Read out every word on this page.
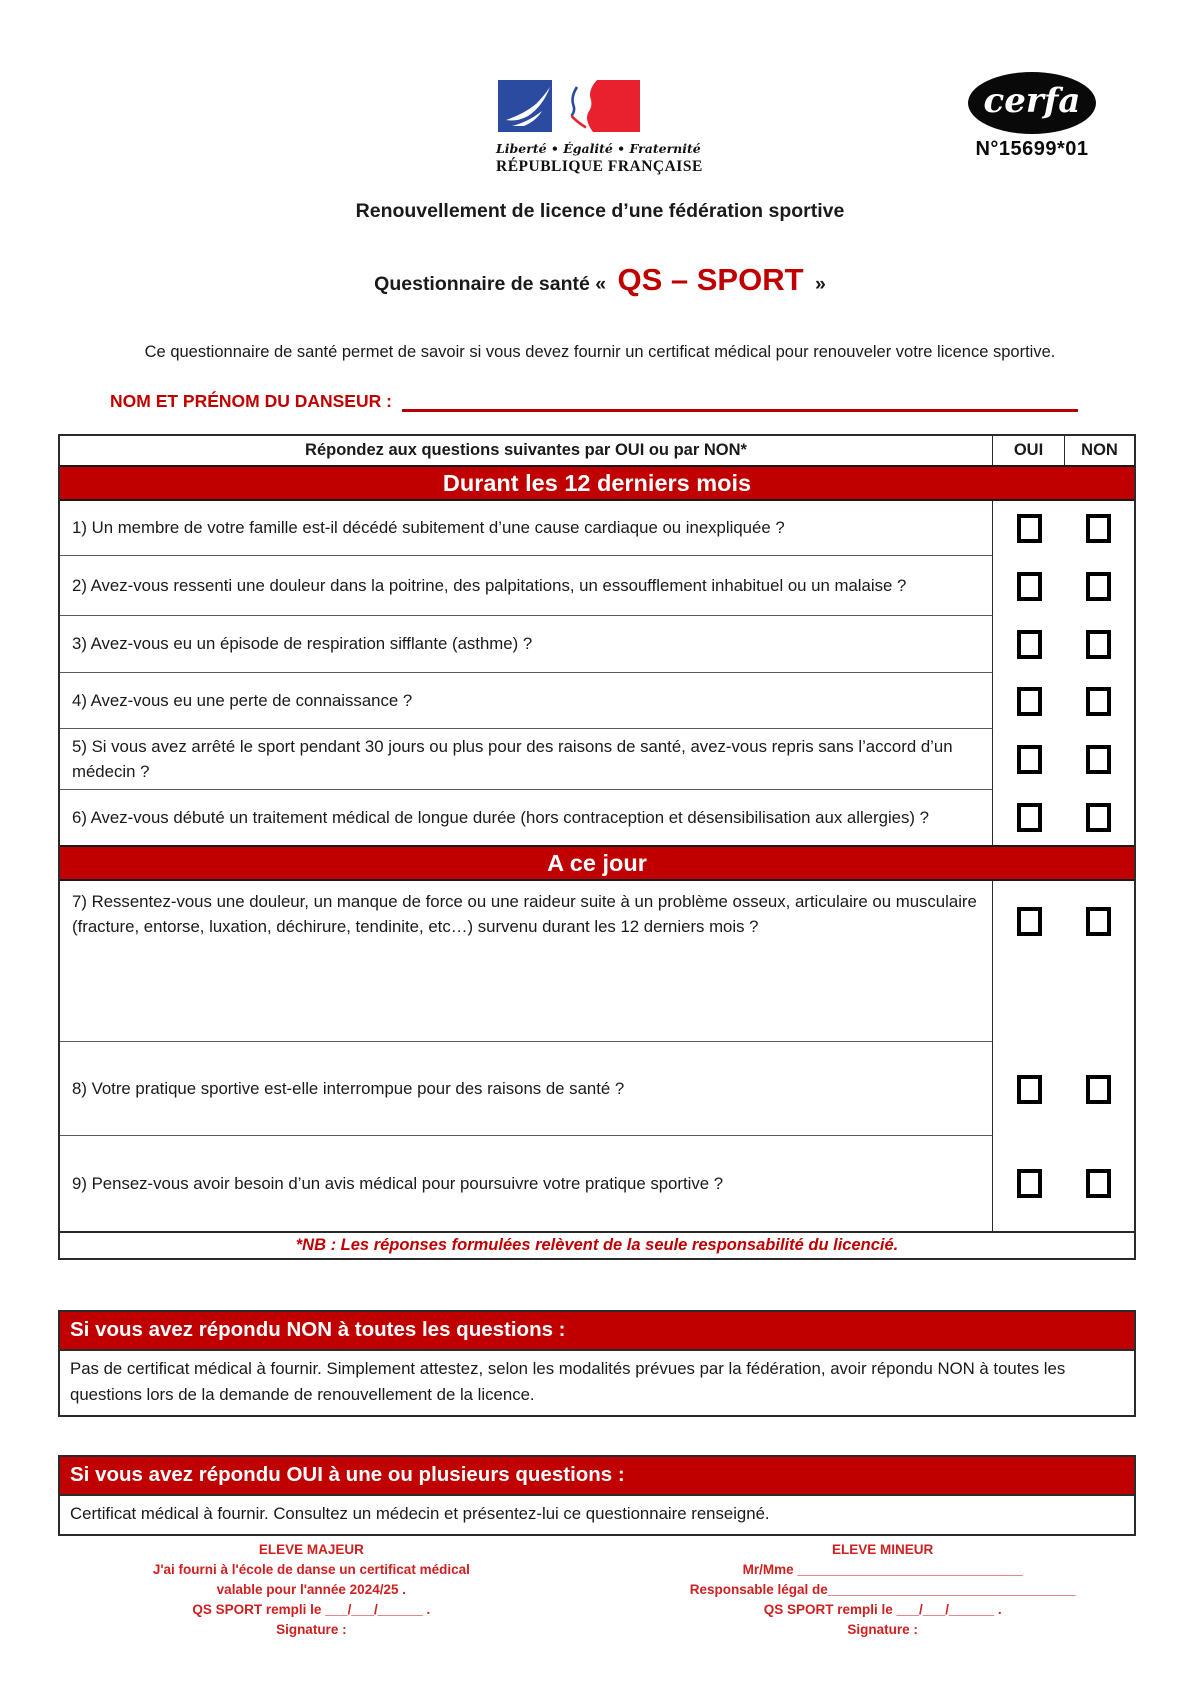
Liberté • Égalité • Fraternité
RÉPUBLIQUE FRANÇAISE
cerfa
N°15699*01
Renouvellement de licence d’une fédération sportive
Questionnaire de santé « QS – SPORT »
Ce questionnaire de santé permet de savoir si vous devez fournir un certificat médical pour renouveler votre licence sportive.
NOM ET PRÉNOM DU DANSEUR :
Répondez aux questions suivantes par OUI ou par NON*	OUI	NON
Durant les 12 derniers mois
1) Un membre de votre famille est-il décédé subitement d’une cause cardiaque ou inexpliquée ?
2) Avez-vous ressenti une douleur dans la poitrine, des palpitations, un essoufflement inhabituel ou un malaise ?
3) Avez-vous eu un épisode de respiration sifflante (asthme) ?
4) Avez-vous eu une perte de connaissance ?
5) Si vous avez arrêté le sport pendant 30 jours ou plus pour des raisons de santé, avez-vous repris sans l’accord d’un médecin ?
6) Avez-vous débuté un traitement médical de longue durée (hors contraception et désensibilisation aux allergies) ?
A ce jour
7) Ressentez-vous une douleur, un manque de force ou une raideur suite à un problème osseux, articulaire ou musculaire (fracture, entorse, luxation, déchirure, tendinite, etc…) survenu durant les 12 derniers mois ?
8) Votre pratique sportive est-elle interrompue pour des raisons de santé ?
9) Pensez-vous avoir besoin d’un avis médical pour poursuivre votre pratique sportive ?
*NB : Les réponses formulées relèvent de la seule responsabilité du licencié.
Si vous avez répondu NON à toutes les questions :
Pas de certificat médical à fournir. Simplement attestez, selon les modalités prévues par la fédération, avoir répondu NON à toutes les questions lors de la demande de renouvellement de la licence.
Si vous avez répondu OUI à une ou plusieurs questions :
Certificat médical à fournir. Consultez un médecin et présentez-lui ce questionnaire renseigné.
ELEVE MAJEUR
J'ai fourni à l'école de danse un certificat médical
valable pour l'année 2024/25 .
QS SPORT rempli le ___/___/______ .
Signature :
ELEVE MINEUR
Mr/Mme ______________________________
Responsable légal de_________________________________
QS SPORT rempli le ___/___/______ .
Signature :
